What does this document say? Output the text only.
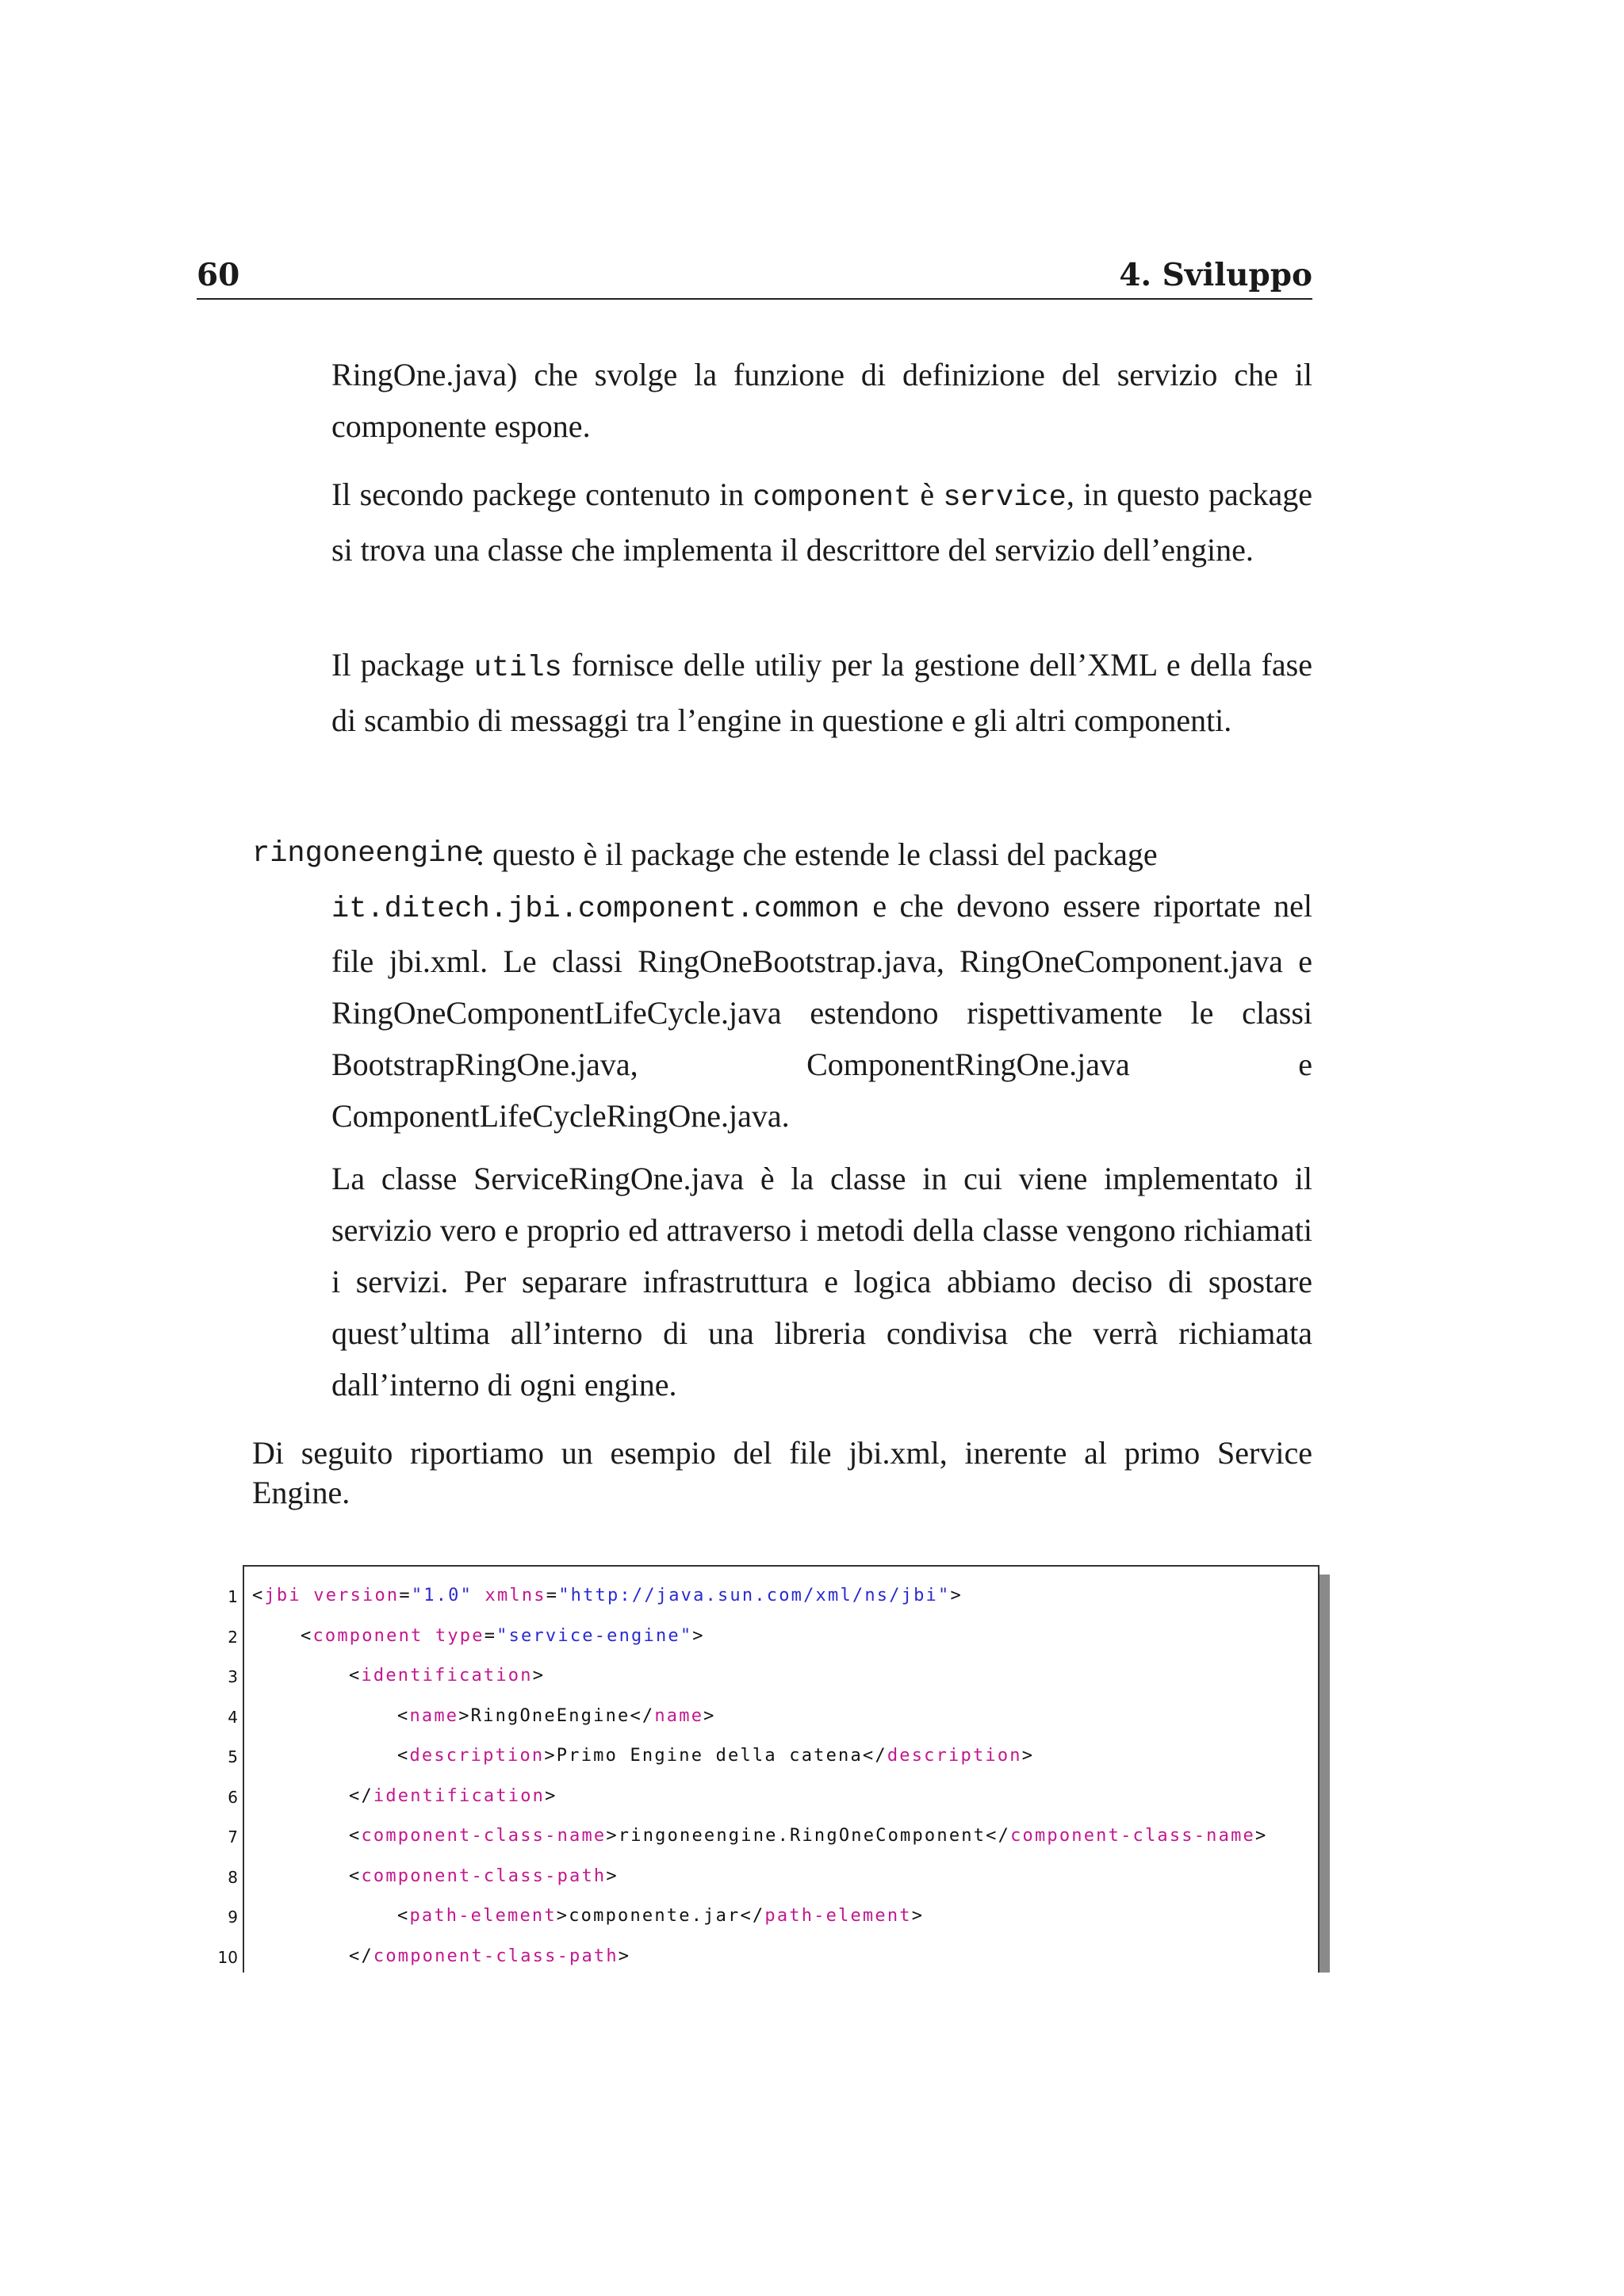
60	4. Sviluppo
RingOne.java) che svolge la funzione di definizione del servizio che il componente espone.
Il secondo packege contenuto in component è service, in questo package si trova una classe che implementa il descrittore del servizio dell’engine.
Il package utils fornisce delle utiliy per la gestione dell’XML e della fase di scambio di messaggi tra l’engine in questione e gli altri componenti.
ringoneengine
: questo è il package che estende le classi del package
it.ditech.jbi.component.common e che devono essere riportate nel file jbi.xml. Le classi RingOneBootstrap.java, RingOneComponent.java e RingOneComponentLifeCycle.java estendono rispettivamente le classi BootstrapRingOne.java, ComponentRingOne.java e ComponentLifeCycleRingOne.java.
La classe ServiceRingOne.java è la classe in cui viene implementato il servizio vero e proprio ed attraverso i metodi della classe vengono richiamati i servizi. Per separare infrastruttura e logica abbiamo deciso di spostare quest’ultima all’interno di una libreria condivisa che verrà richiamata dall’interno di ogni engine.
Di seguito riportiamo un esempio del file jbi.xml, inerente al primo Service Engine.
1 <jbi version="1.0" xmlns="http://java.sun.com/xml/ns/jbi">
2	<component type="service-engine">
3	<identification>
4	<name>RingOneEngine</name>
5	<description>Primo Engine della catena</description>
6	</identification>
7	<component-class-name>ringoneengine.RingOneComponent</component-class-name>
8	<component-class-path>
9	<path-element>componente.jar</path-element>
10	</component-class-path>
